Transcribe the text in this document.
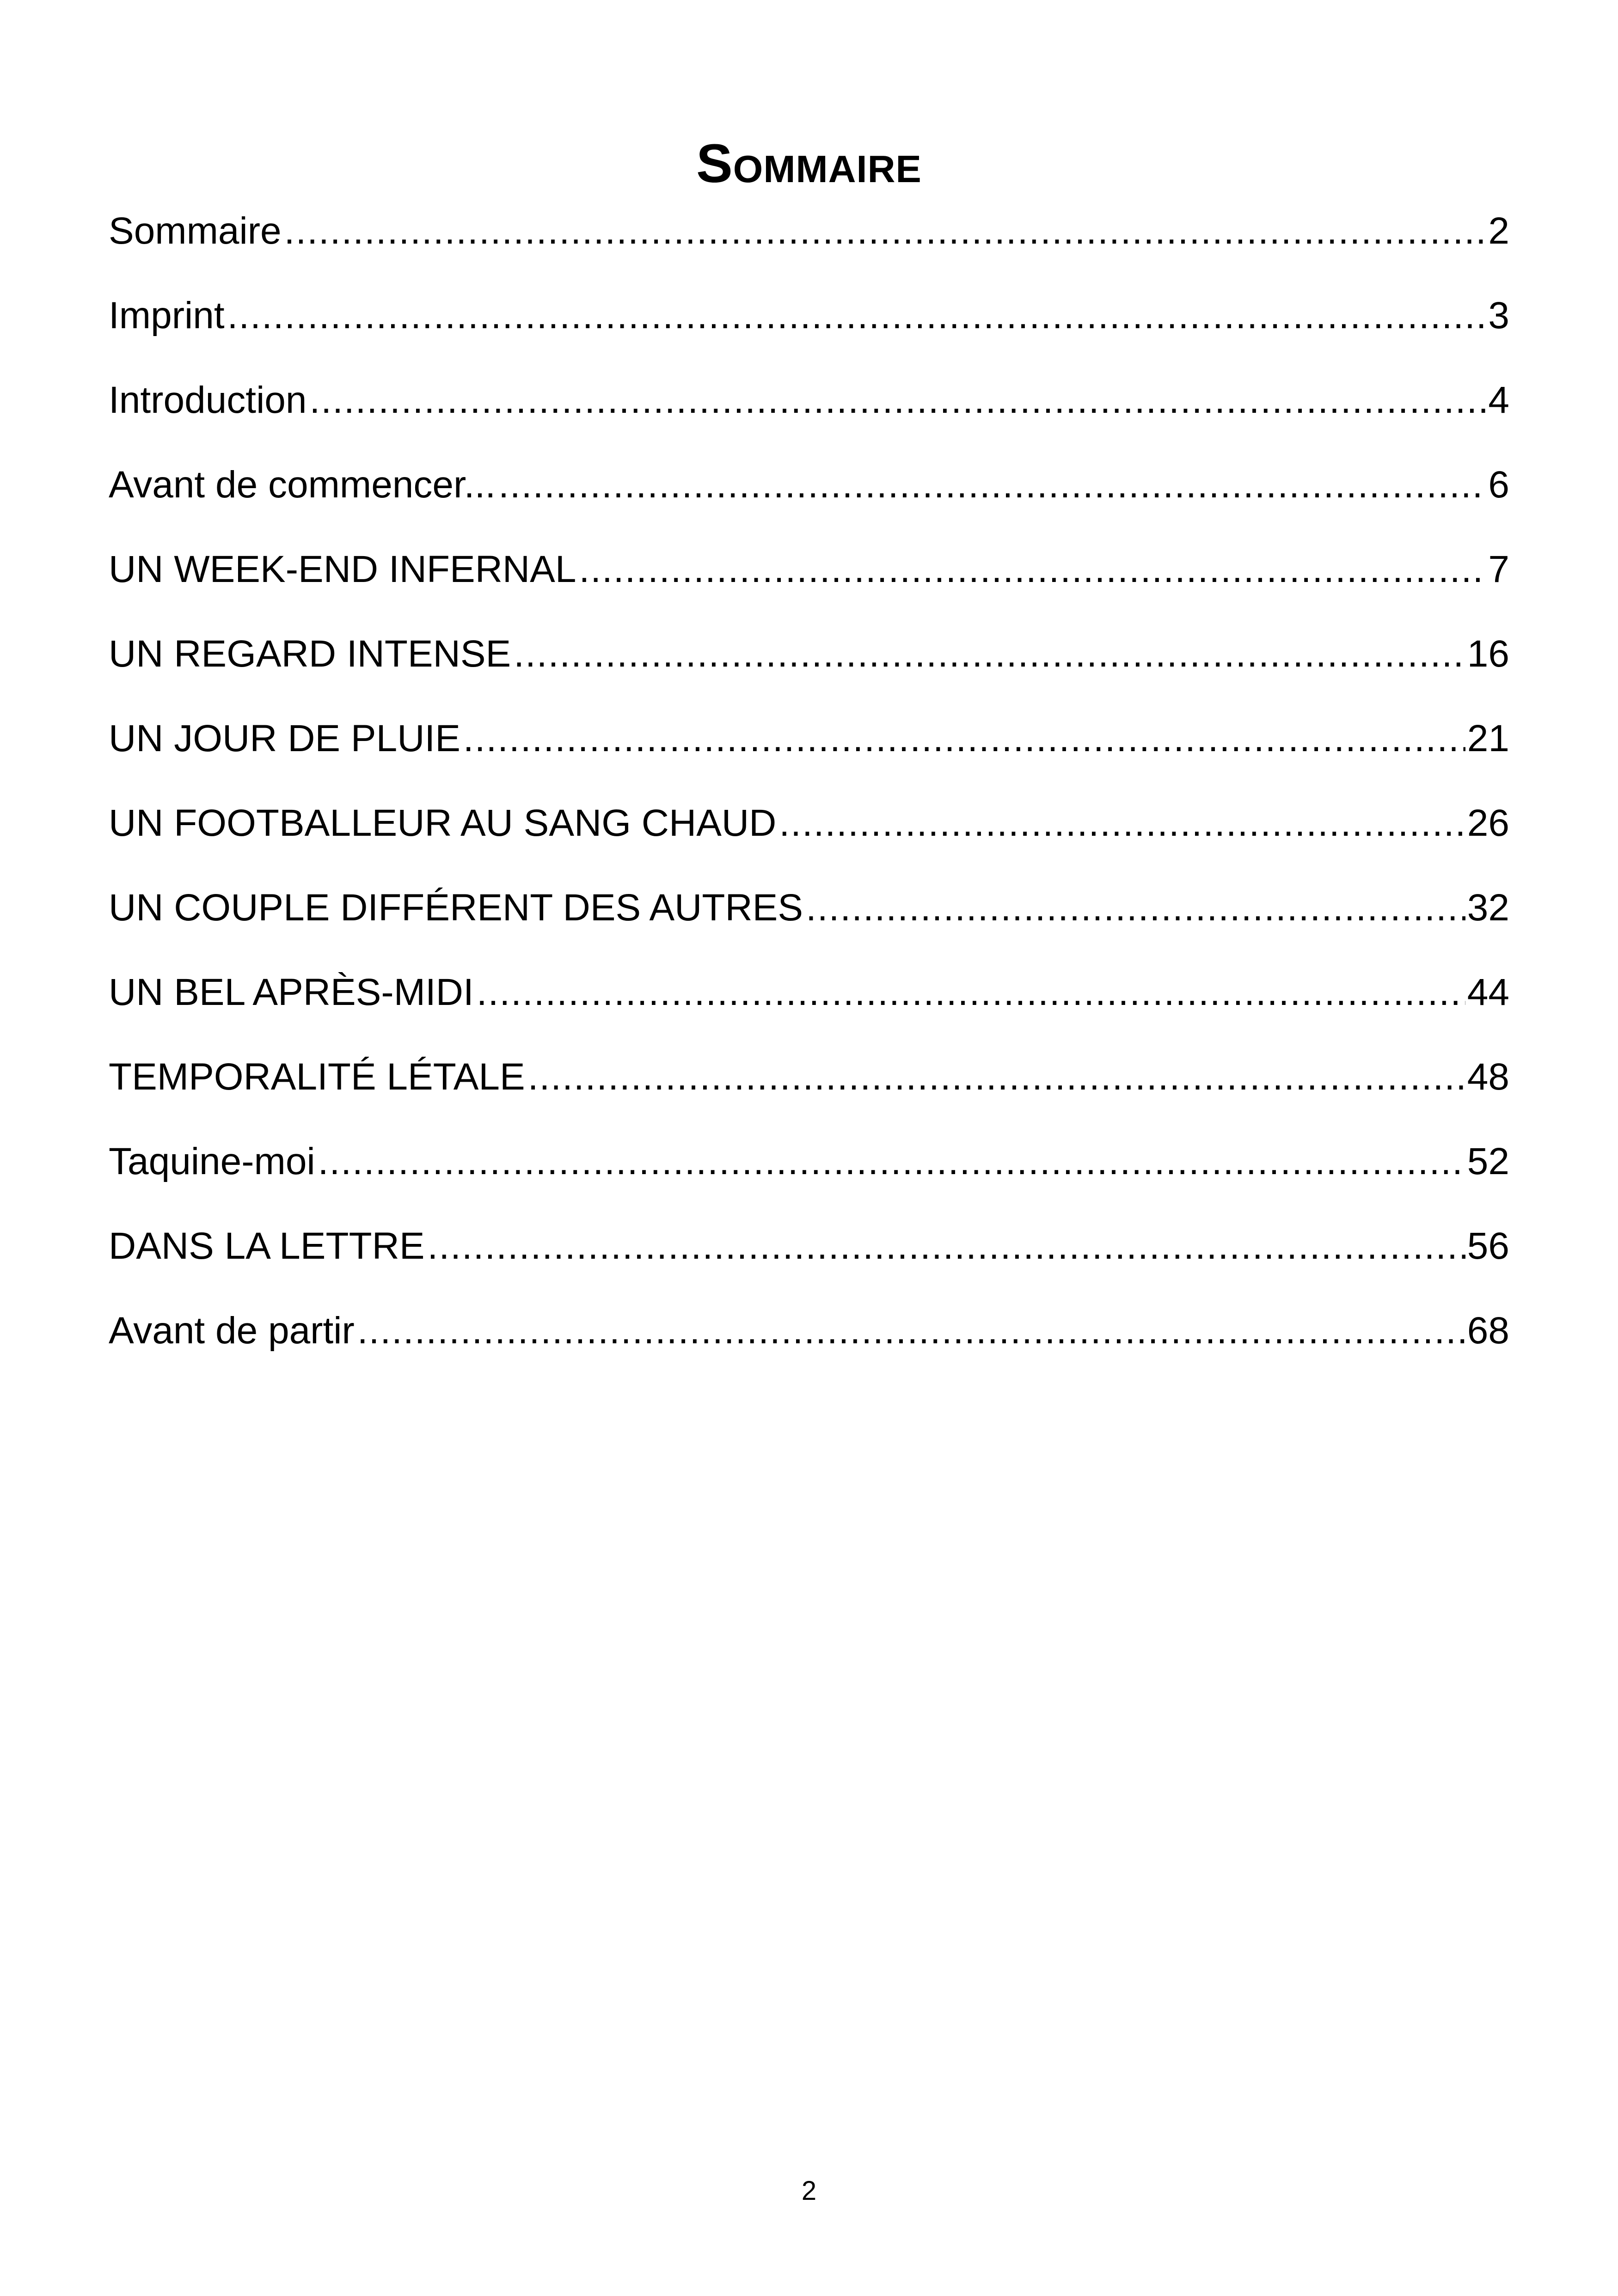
Sommaire
Sommaire .....	2
Imprint .....	3
Introduction .....	4
Avant de commencer... .....	6
UN WEEK-END INFERNAL .....	7
UN REGARD INTENSE .....	16
UN JOUR DE PLUIE .....	21
UN FOOTBALLEUR AU SANG CHAUD .....	26
UN COUPLE DIFFÉRENT DES AUTRES .....	32
UN BEL APRÈS-MIDI .....	44
TEMPORALITÉ LÉTALE .....	48
Taquine-moi .....	52
DANS LA LETTRE .....	56
Avant de partir .....	68
2
